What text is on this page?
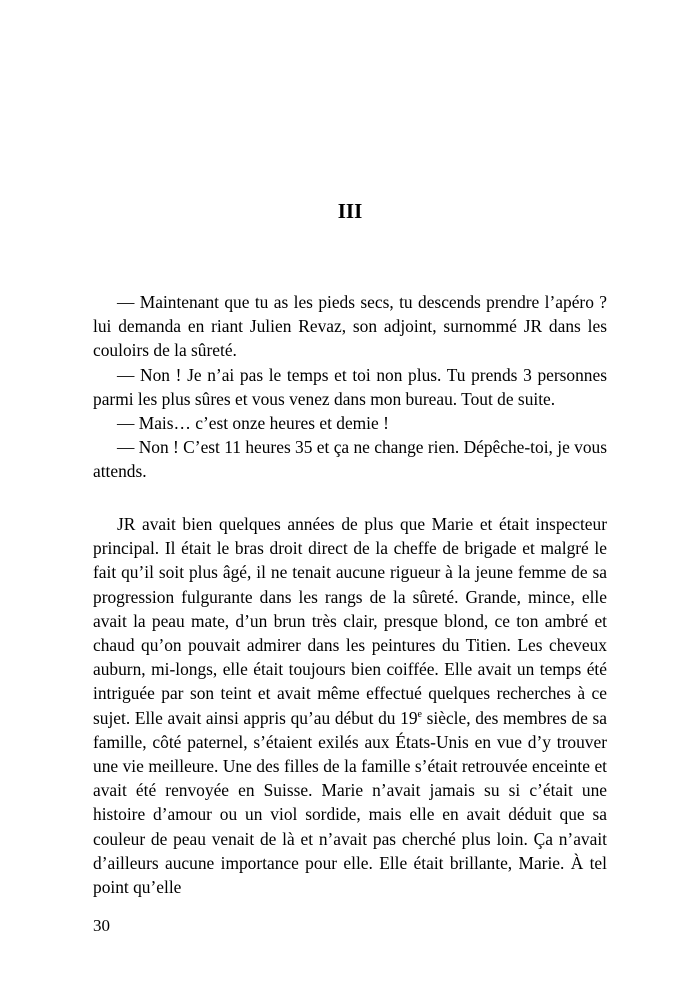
III

— Maintenant que tu as les pieds secs, tu descends prendre l’apéro ? lui demanda en riant Julien Revaz, son adjoint, surnommé JR dans les couloirs de la sûreté.

— Non ! Je n’ai pas le temps et toi non plus. Tu prends 3 personnes parmi les plus sûres et vous venez dans mon bureau. Tout de suite.

— Mais… c’est onze heures et demie !

— Non ! C’est 11 heures 35 et ça ne change rien. Dépêche-toi, je vous attends.

JR avait bien quelques années de plus que Marie et était inspecteur principal. Il était le bras droit direct de la cheffe de brigade et malgré le fait qu’il soit plus âgé, il ne tenait aucune rigueur à la jeune femme de sa progression fulgurante dans les rangs de la sûreté. Grande, mince, elle avait la peau mate, d’un brun très clair, presque blond, ce ton ambré et chaud qu’on pouvait admirer dans les peintures du Titien. Les cheveux auburn, mi-longs, elle était toujours bien coiffée. Elle avait un temps été intriguée par son teint et avait même effectué quelques recherches à ce sujet. Elle avait ainsi appris qu’au début du 19e siècle, des membres de sa famille, côté paternel, s’étaient exilés aux États-Unis en vue d’y trouver une vie meilleure. Une des filles de la famille s’était retrouvée enceinte et avait été renvoyée en Suisse. Marie n’avait jamais su si c’était une histoire d’amour ou un viol sordide, mais elle en avait déduit que sa couleur de peau venait de là et n’avait pas cherché plus loin. Ça n’avait d’ailleurs aucune importance pour elle. Elle était brillante, Marie. À tel point qu’elle

30
